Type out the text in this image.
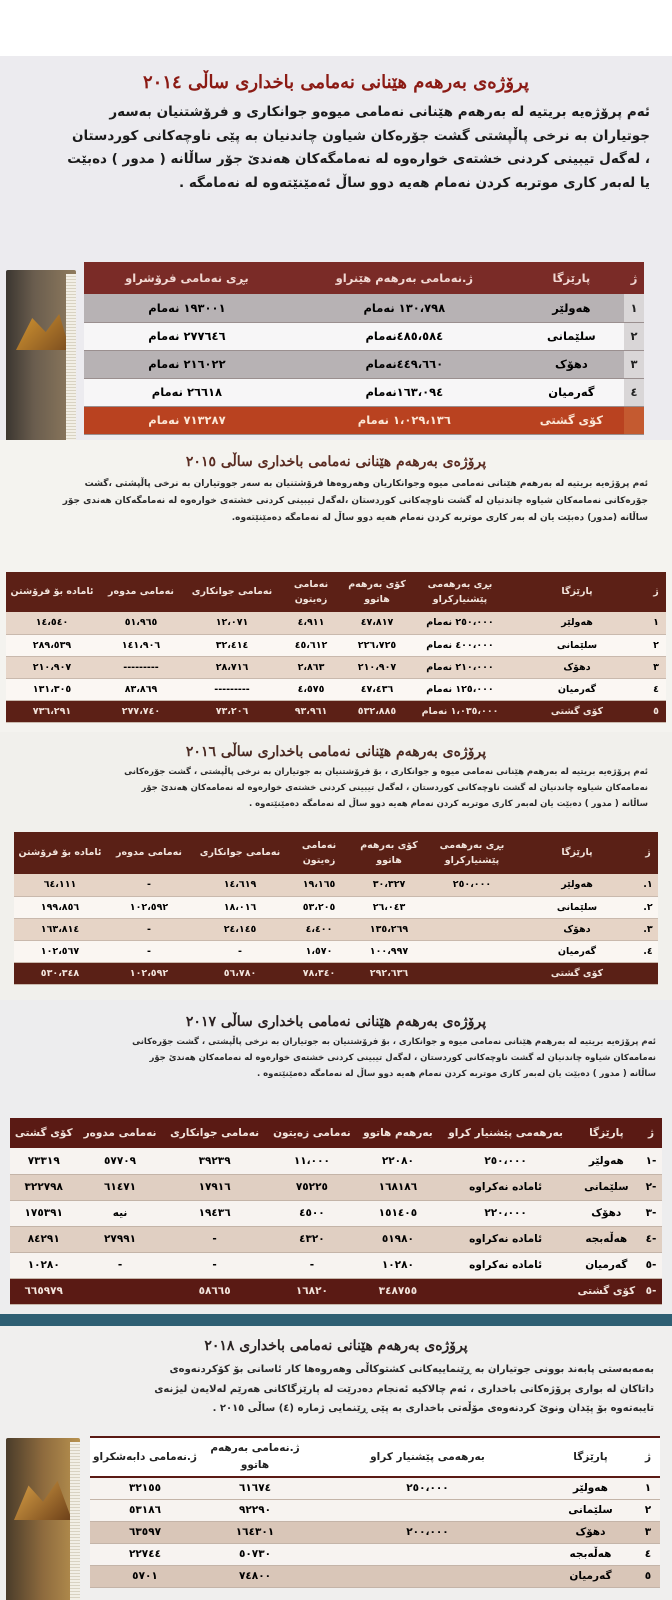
پرۆژەی بەرهەم هێنانی نەمامی باخداری ساڵی ٢٠١٤
ئەم پرۆژەیە بریتیە لە بەرهەم هێنانی نەمامی میوەو جوانکاری و فرۆشتنیان بەسەر
جوتیاران بە نرخی پاڵپشتی گشت جۆرەکان شیاون چاندنیان بە پێی ناوچەکانی کوردستان
، لەگەل تیبینی کردنی خشتەی خوارەوە لە نەمامگەکان هەندێ جۆر ساڵانە ( مدور ) دەبێت
یا لەبەر کاری موتربە کردن نەمام هەیە دوو ساڵ ئەمێنێتەوە لە نەمامگە .
ژ	پارێزگا	ژ.نەمامی بەرهەم هێنراو	بڕی نەمامی فرۆشراو
١	هەولێر	١٣٠،٧٩٨ نەمام	١٩٣٠٠١ نەمام
٢	سلێمانی	٤٨٥،٥٨٤نەمام	٢٧٧٦٤٦ نەمام
٣	دهۆک	٤٤٩،٦٦٠نەمام	٢١٦٠٢٢ نەمام
٤	گەرمیان	١٦٣،٠٩٤نەمام	٢٦٦١٨ نەمام
	کۆی گشتی	١،٠٢٩،١٣٦ نەمام	٧١٣٢٨٧ نەمام
پرۆژەی بەرهەم هێنانی نەمامی باخداری ساڵی ٢٠١٥
ئەم پرۆژەیە بریتیە لە بەرهەم هێنانی نەمامی میوە وجوانکاریان وهەروەها فرۆشتنیان بە سەر جووتیاران بە نرخی پاڵپشتی ،گشت
جۆرەکانی نەمامەکان شیاوە چاندنیان لە گشت ناوچەکانی کوردستان ،لەگەل تیبینی کردنی خشتەی خوارەوە لە نەمامگەکان هەندی جۆر
ساڵانە (مدور) دەبێت یان لە بەر کاری موتربە کردن نەمام هەیە دوو ساڵ لە نەمامگە دەمێنێتەوە.
ژ	پارێزگا	بڕی بەرهەمی پێشنیارکراو	کۆی بەرهەم هاتوو	نەمامی زەیتون	نەمامی جوانکاری	نەمامی مدوەر	ئامادە بۆ فرۆشتن
١	هەولێر	٢٥٠،٠٠٠ نەمام	٤٧،٨١٧	٤،٩١١	١٢،٠٧١	٥١،٩٦٥	١٤،٥٤٠
٢	سلێمانی	٤٠٠،٠٠٠ نەمام	٢٢٦،٧٢٥	٤٥،٦١٢	٣٢،٤١٤	١٤١،٩٠٦	٢٨٩،٥٣٩
٣	دهۆک	٢١٠،٠٠٠ نەمام	٢١٠،٩٠٧	٢،٨٦٣	٢٨،٧١٦	---------	٢١٠،٩٠٧
٤	گەرمیان	١٢٥،٠٠٠ نەمام	٤٧،٤٣٦	٤،٥٧٥	---------	٨٣،٨٦٩	١٣١،٣٠٥
٥	کۆی گشتی	١،٠٣٥،٠٠٠ نەمام	٥٣٢،٨٨٥	٩٣،٩٦١	٧٣،٢٠٦	٢٧٧،٧٤٠	٧٣٦،٢٩١
پرۆژەی بەرهەم هێنانی نەمامی باخداری ساڵی ٢٠١٦
ئەم پرۆژەیە بریتیە لە بەرهەم هێنانی نەمامی میوە و جوانکاری ، بۆ فرۆشتنیان بە جوتیاران بە نرخی پاڵپشتی ، گشت جۆرەکانی
نەمامەکان شیاوە چاندنیان لە گشت ناوچەکانی کوردستان ، لەگەل تیبینی کردنی خشتەی خوارەوە لە نەمامەکان هەندێ جۆر
ساڵانە ( مدور ) دەبێت یان لەبەر کاری موتربە کردن نەمام هەیە دوو ساڵ لە نەمامگە دەمێنێتەوە .
ژ	پارێزگا	بڕی بەرهەمی پێشنیارکراو	کۆی بەرهەم هاتوو	نەمامی زەیتون	نەمامی جوانکاری	نەمامی مدوەر	ئامادە بۆ فرۆشتن
١.	هەولێر	٢٥٠،٠٠٠	٣٠،٣٢٧	١٩،١٦٥	١٤،٦١٩	-	٦٤،١١١
٢.	سلێمانی		٢٦،٠٤٣	٥٣،٢٠٥	١٨،٠١٦	١٠٢،٥٩٢	١٩٩،٨٥٦
٣.	دهۆک		١٣٥،٢٦٩	٤،٤٠٠	٢٤،١٤٥	-	١٦٣،٨١٤
٤.	گەرمیان		١٠٠،٩٩٧	١،٥٧٠	-	-	١٠٢،٥٦٧
	کۆی گشتی		٢٩٢،٦٣٦	٧٨،٣٤٠	٥٦،٧٨٠	١٠٢،٥٩٢	٥٣٠،٣٤٨
پرۆژەی بەرهەم هێنانی نەمامی باخداری ساڵی ٢٠١٧
ئەم پرۆژەیە بریتیە لە بەرهەم هێنانی نەمامی میوە و جوانکاری ، بۆ فرۆشتنیان بە جوتیاران بە نرخی پاڵپشتی ، گشت جۆرەکانی
نەمامەکان شیاوە چاندنیان لە گشت ناوچەکانی کوردستان ، لەگەل تیبینی کردنی خشتەی خوارەوە لە نەمامەکان هەندێ جۆر
ساڵانە ( مدور ) دەبێت یان لەبەر کاری موتربە کردن نەمام هەیە دوو ساڵ لە نەمامگە دەمێنێتەوە .
ژ	پارێزگا	بەرهەمی پێشنیار کراو	بەرهەم هاتوو	نەمامی زەیتون	نەمامی جوانکاری	نەمامی مدوەر	کۆی گشتی
-١	هەولێر	٢٥٠،٠٠٠	٢٢٠٨٠	١١،٠٠٠	٣٩٢٣٩	٥٧٧٠٩	٧٣٣١٩
-٢	سلێمانی	ئامادە نەکراوە	١٦٨١٨٦	٧٥٢٢٥	١٧٩١٦	٦١٤٧١	٣٢٢٧٩٨
-٣	دهۆک	٢٢٠،٠٠٠	١٥١٤٠٥	٤٥٠٠	١٩٤٣٦	نیە	١٧٥٣٩١
-٤	هەڵەبجە	ئامادە نەکراوە	٥١٩٨٠	٤٣٢٠	-	٢٧٩٩١	٨٤٢٩١
-٥	گەرمیان	ئامادە نەکراوە	١٠٢٨٠	-	-	-	١٠٢٨٠
-٥	کۆی گشتی		٣٤٨٧٥٥	١٦٨٢٠	٥٨٦٦٥		٦٦٥٩٧٩
پرۆژەی بەرهەم هێنانی نەمامی باخداری ٢٠١٨
بەمەبەستی پابەند بوونی جوتیاران بە ڕێنماییەکانی کشتوکاڵی وهەروەها کار ئاسانی بۆ کۆکردنەوەی
داتاکان لە بواری پرۆژەکانی باخداری ، ئەم چالاکیە ئەنجام دەدرێت لە پارێزگاکانی هەرێم لەلایەن لیژنەی
تایبەتەوە بۆ پێدان ونوێ کردنەوەی مۆڵەتی باخداری بە پێی ڕێنمایی ژمارە (٤) ساڵی ٢٠١٥ .
ژ	پارێزگا	بەرهەمی پێشنیار کراو	ژ.نەمامی بەرهەم هاتوو	ژ.نەمامی دابەشکراو
١	هەولێر	٢٥٠،٠٠٠	٦١٦٧٤	٣٢١٥٥
٢	سلێمانی		٩٢٢٩٠	٥٣١٨٦
٣	دهۆک	٢٠٠،٠٠٠	١٦٤٣٠١	٦٣٥٩٧
٤	هەڵەبجە		٥٠٧٣٠	٢٢٧٤٤
٥	گەرمیان		٧٤٨٠٠	٥٧٠١
